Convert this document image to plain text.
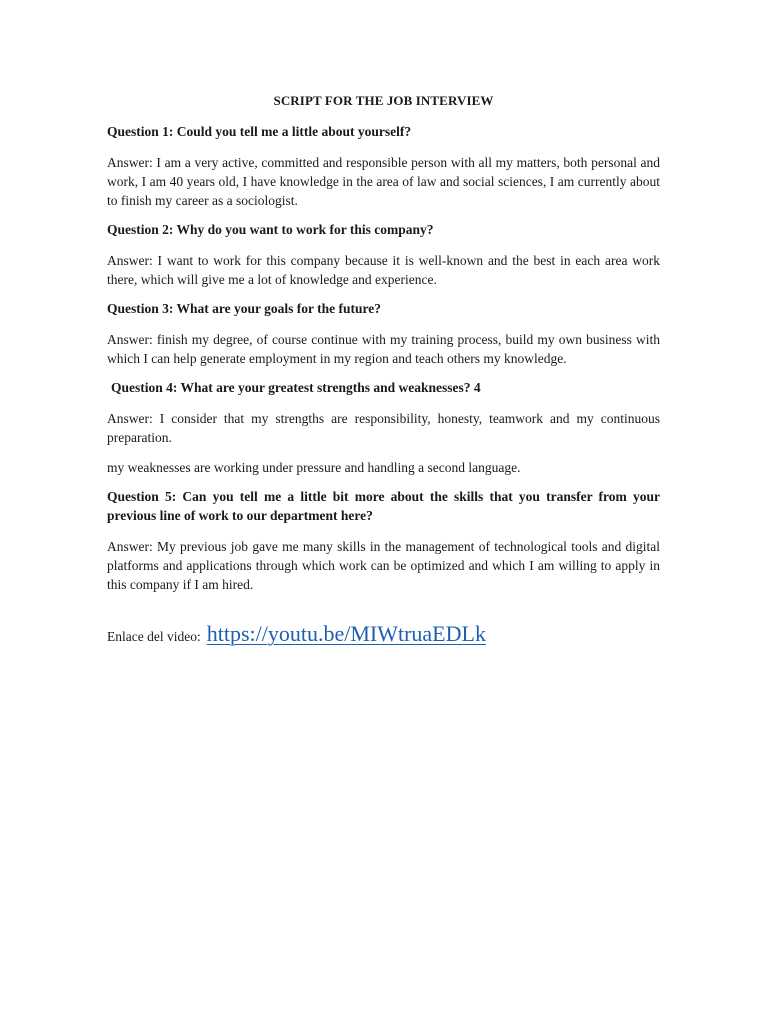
SCRIPT FOR THE JOB INTERVIEW
Question 1: Could you tell me a little about yourself?
Answer: I am a very active, committed and responsible person with all my matters, both personal and work, I am 40 years old, I have knowledge in the area of law and social sciences, I am currently about to finish my career as a sociologist.
Question 2: Why do you want to work for this company?
Answer: I want to work for this company because it is well-known and the best in each area work there, which will give me a lot of knowledge and experience.
Question 3: What are your goals for the future?
Answer: finish my degree, of course continue with my training process, build my own business with which I can help generate employment in my region and teach others my knowledge.
Question 4: What are your greatest strengths and weaknesses? 4
Answer: I consider that my strengths are responsibility, honesty, teamwork and my continuous preparation.
my weaknesses are working under pressure and handling a second language.
Question 5: Can you tell me a little bit more about the skills that you transfer from your previous line of work to our department here?
Answer: My previous job gave me many skills in the management of technological tools and digital platforms and applications through which work can be optimized and which I am willing to apply in this company if I am hired.
Enlace del video: https://youtu.be/MIWtruaEDLk
